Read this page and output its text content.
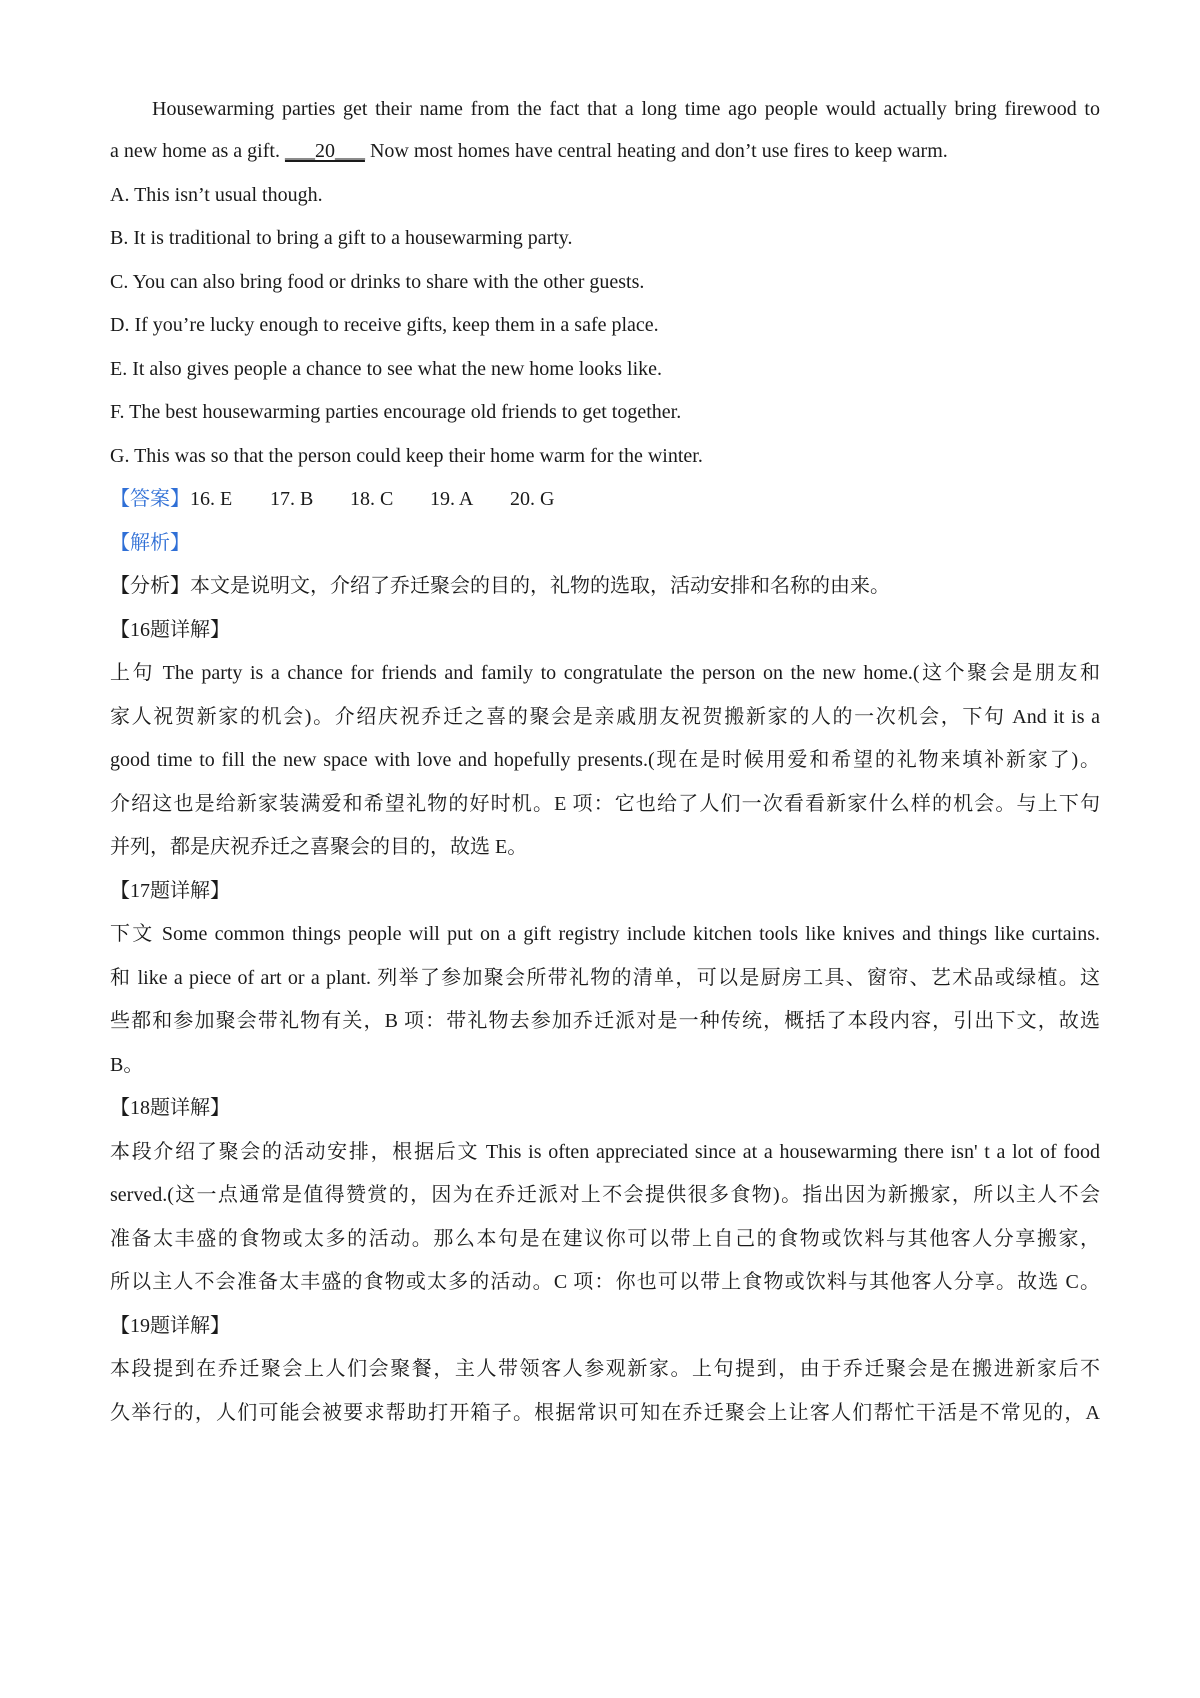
Housewarming parties get their name from the fact that a long time ago people would actually bring firewood to
a new home as a gift. ___20___ Now most homes have central heating and don’t use fires to keep warm.
A. This isn’t usual though.
B. It is traditional to bring a gift to a housewarming party.
C. You can also bring food or drinks to share with the other guests.
D. If you’re lucky enough to receive gifts, keep them in a safe place.
E. It also gives people a chance to see what the new home looks like.
F. The best housewarming parties encourage old friends to get together.
G. This was so that the person could keep their home warm for the winter.
【答案】16. E 17. B 18. C 19. A 20. G
【解析】
【分析】本文是说明文，介绍了乔迁聚会的目的，礼物的选取，活动安排和名称的由来。
【16题详解】
上句 The party is a chance for friends and family to congratulate the person on the new home.(这个聚会是朋友和
家人祝贺新家的机会)。介绍庆祝乔迁之喜的聚会是亲戚朋友祝贺搬新家的人的一次机会，下句 And it is a
good time to fill the new space with love and hopefully presents.(现在是时候用爱和希望的礼物来填补新家了)。
介绍这也是给新家装满爱和希望礼物的好时机。E 项：它也给了人们一次看看新家什么样的机会。与上下句
并列，都是庆祝乔迁之喜聚会的目的，故选 E。
【17题详解】
下文 Some common things people will put on a gift registry include kitchen tools like knives and things like curtains.
和 like a piece of art or a plant. 列举了参加聚会所带礼物的清单，可以是厨房工具、窗帘、艺术品或绿植。这
些都和参加聚会带礼物有关，B 项：带礼物去参加乔迁派对是一种传统，概括了本段内容，引出下文，故选
B。
【18题详解】
本段介绍了聚会的活动安排，根据后文 This is often appreciated since at a housewarming there isn' t a lot of food
served.(这一点通常是值得赞赏的，因为在乔迁派对上不会提供很多食物)。指出因为新搬家，所以主人不会
准备太丰盛的食物或太多的活动。那么本句是在建议你可以带上自己的食物或饮料与其他客人分享搬家，
所以主人不会准备太丰盛的食物或太多的活动。C 项：你也可以带上食物或饮料与其他客人分享。故选 C。
【19题详解】
本段提到在乔迁聚会上人们会聚餐，主人带领客人参观新家。上句提到，由于乔迁聚会是在搬进新家后不
久举行的，人们可能会被要求帮助打开箱子。根据常识可知在乔迁聚会上让客人们帮忙干活是不常见的，A
